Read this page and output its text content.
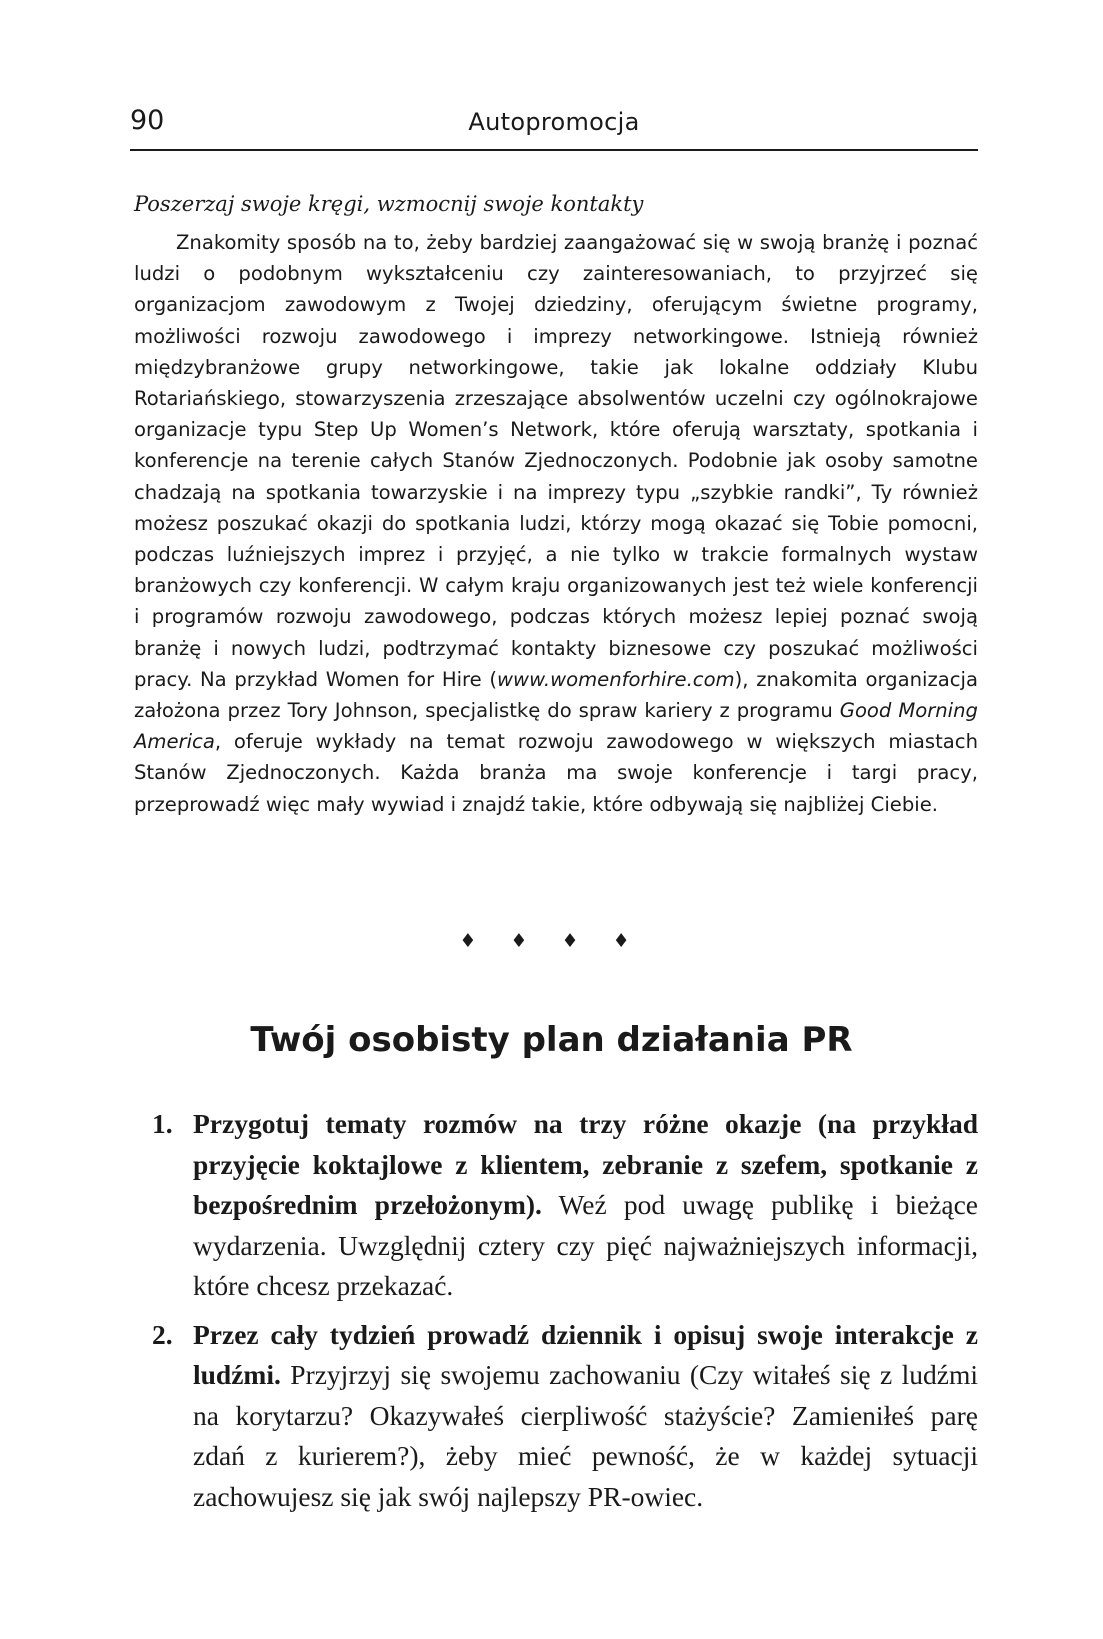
90	Autopromocja
Poszerzaj swoje kręgi, wzmocnij swoje kontakty

Znakomity sposób na to, żeby bardziej zaangażować się w swoją branżę i poznać ludzi o podobnym wykształceniu czy zainteresowaniach, to przyjrzeć się organizacjom zawodowym z Twojej dziedziny, oferującym świetne programy, możliwości rozwoju zawodowego i imprezy networkingowe. Istnieją również międzybranżowe grupy networkingowe, takie jak lokalne oddziały Klubu Rotariańskiego, stowarzyszenia zrzeszające absolwentów uczelni czy ogólnokrajowe organizacje typu Step Up Women’s Network, które oferują warsztaty, spotkania i konferencje na terenie całych Stanów Zjednoczonych. Podobnie jak osoby samotne chadzają na spotkania towarzyskie i na imprezy typu „szybkie randki”, Ty również możesz poszukać okazji do spotkania ludzi, którzy mogą okazać się Tobie pomocni, podczas luźniejszych imprez i przyjęć, a nie tylko w trakcie formalnych wystaw branżowych czy konferencji. W całym kraju organizowanych jest też wiele konferencji i programów rozwoju zawodowego, podczas których możesz lepiej poznać swoją branżę i nowych ludzi, podtrzymać kontakty biznesowe czy poszukać możliwości pracy. Na przykład Women for Hire (www.womenforhire.com), znakomita organizacja założona przez Tory Johnson, specjalistkę do spraw kariery z programu Good Morning America, oferuje wykłady na temat rozwoju zawodowego w większych miastach Stanów Zjednoczonych. Każda branża ma swoje konferencje i targi pracy, przeprowadź więc mały wywiad i znajdź takie, które odbywają się najbliżej Ciebie.

♦ ♦ ♦ ♦
Twój osobisty plan działania PR
1. Przygotuj tematy rozmów na trzy różne okazje (na przykład przyjęcie koktajlowe z klientem, zebranie z szefem, spotkanie z bezpośrednim przełożonym). Weź pod uwagę publikę i bieżące wydarzenia. Uwzględnij cztery czy pięć najważniejszych informacji, które chcesz przekazać.
2. Przez cały tydzień prowadź dziennik i opisuj swoje interakcje z ludźmi. Przyjrzyj się swojemu zachowaniu (Czy witałeś się z ludźmi na korytarzu? Okazywałeś cierpliwość stażyście? Zamieniłeś parę zdań z kurierem?), żeby mieć pewność, że w każdej sytuacji zachowujesz się jak swój najlepszy PR-owiec.
